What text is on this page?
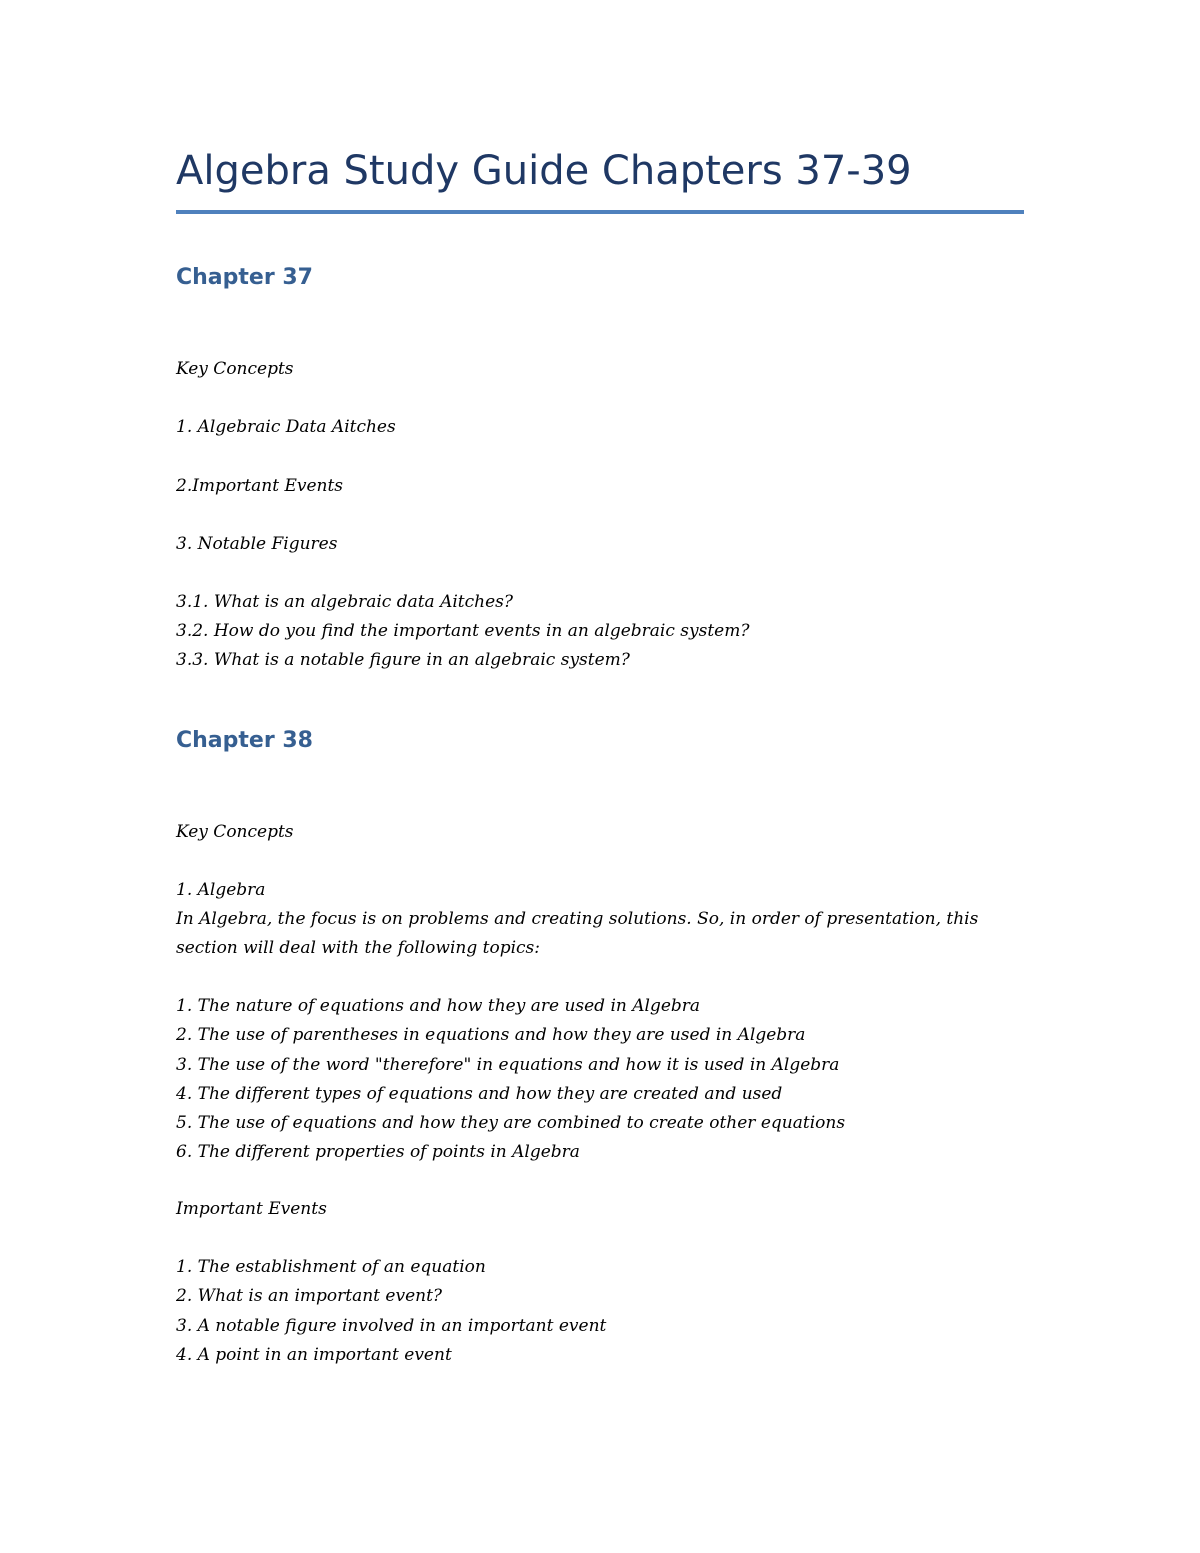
Algebra Study Guide Chapters 37-39
Chapter 37
Key Concepts
1. Algebraic Data Aitches
2.Important Events
3. Notable Figures
3.1. What is an algebraic data Aitches?
3.2. How do you find the important events in an algebraic system?
3.3. What is a notable figure in an algebraic system?
Chapter 38
Key Concepts
1. Algebra
In Algebra, the focus is on problems and creating solutions. So, in order of presentation, this
section will deal with the following topics:
1. The nature of equations and how they are used in Algebra
2. The use of parentheses in equations and how they are used in Algebra
3. The use of the word "therefore" in equations and how it is used in Algebra
4. The different types of equations and how they are created and used
5. The use of equations and how they are combined to create other equations
6. The different properties of points in Algebra
Important Events
1. The establishment of an equation
2. What is an important event?
3. A notable figure involved in an important event
4. A point in an important event
